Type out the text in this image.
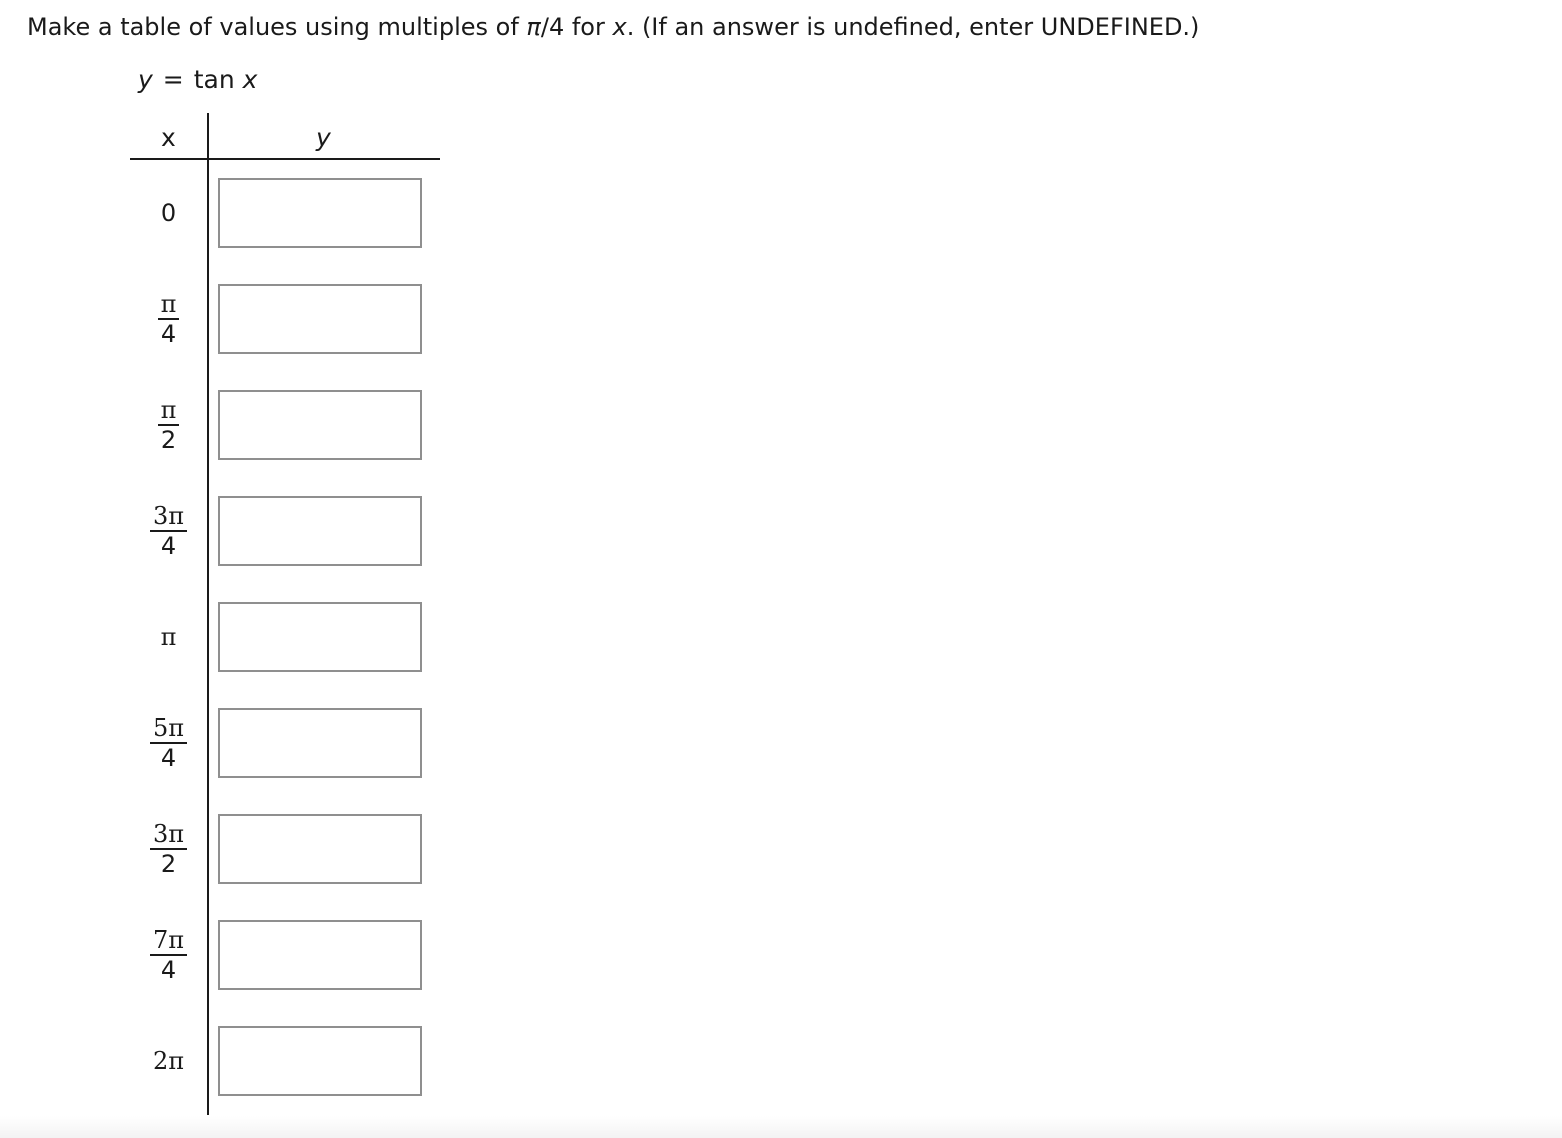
Make a table of values using multiples of π/4 for x. (If an answer is undefined, enter UNDEFINED.)
y = tan x
x	y
0
$\frac{\pi}{4}$
$\frac{\pi}{2}$
$\frac{3\pi}{4}$
π
$\frac{5\pi}{4}$
$\frac{3\pi}{2}$
$\frac{7\pi}{4}$
2π
